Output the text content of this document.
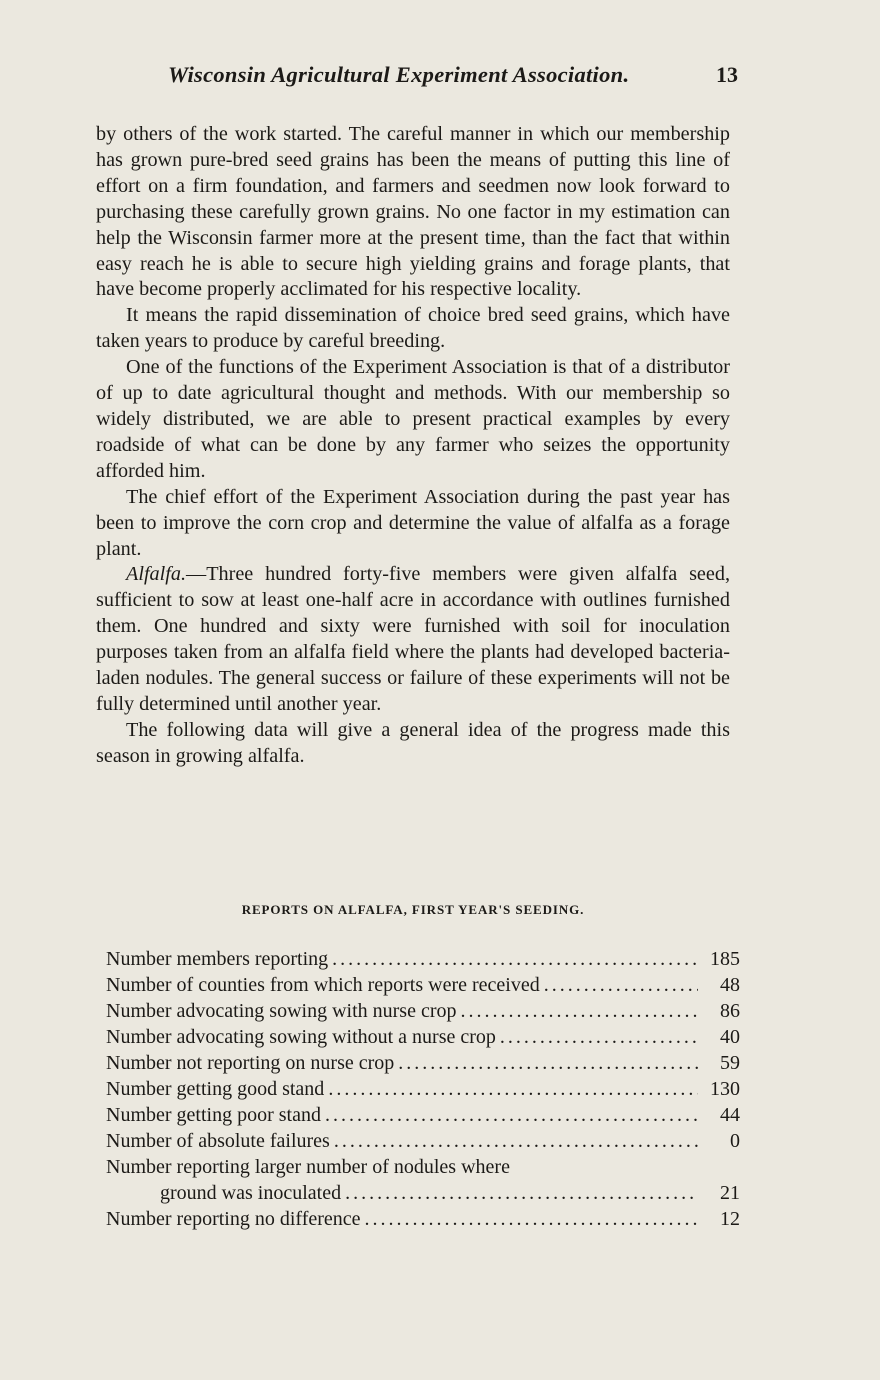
Wisconsin Agricultural Experiment Association.	13

by others of the work started. The careful manner in which our membership has grown pure-bred seed grains has been the means of putting this line of effort on a firm foundation, and farmers and seedmen now look forward to purchasing these carefully grown grains. No one factor in my estimation can help the Wisconsin farmer more at the present time, than the fact that within easy reach he is able to secure high yielding grains and forage plants, that have become properly acclimated for his respective locality.

It means the rapid dissemination of choice bred seed grains, which have taken years to produce by careful breeding.

One of the functions of the Experiment Association is that of a distributor of up to date agricultural thought and methods. With our membership so widely distributed, we are able to present practical examples by every roadside of what can be done by any farmer who seizes the opportunity afforded him.

The chief effort of the Experiment Association during the past year has been to improve the corn crop and determine the value of alfalfa as a forage plant.

Alfalfa.—Three hundred forty-five members were given alfalfa seed, sufficient to sow at least one-half acre in accordance with outlines furnished them. One hundred and sixty were furnished with soil for inoculation purposes taken from an alfalfa field where the plants had developed bacteria-laden nodules. The general success or failure of these experiments will not be fully determined until another year.

The following data will give a general idea of the progress made this season in growing alfalfa.

REPORTS ON ALFALFA, FIRST YEAR'S SEEDING.
Number members reporting .....	185
Number of counties from which reports were received .....	48
Number advocating sowing with nurse crop .....	86
Number advocating sowing without a nurse crop .....	40
Number not reporting on nurse crop .....	59
Number getting good stand .....	130
Number getting poor stand .....	44
Number of absolute failures .....	0
Number reporting larger number of nodules where
ground was inoculated .....	21
Number reporting no difference .....	12
